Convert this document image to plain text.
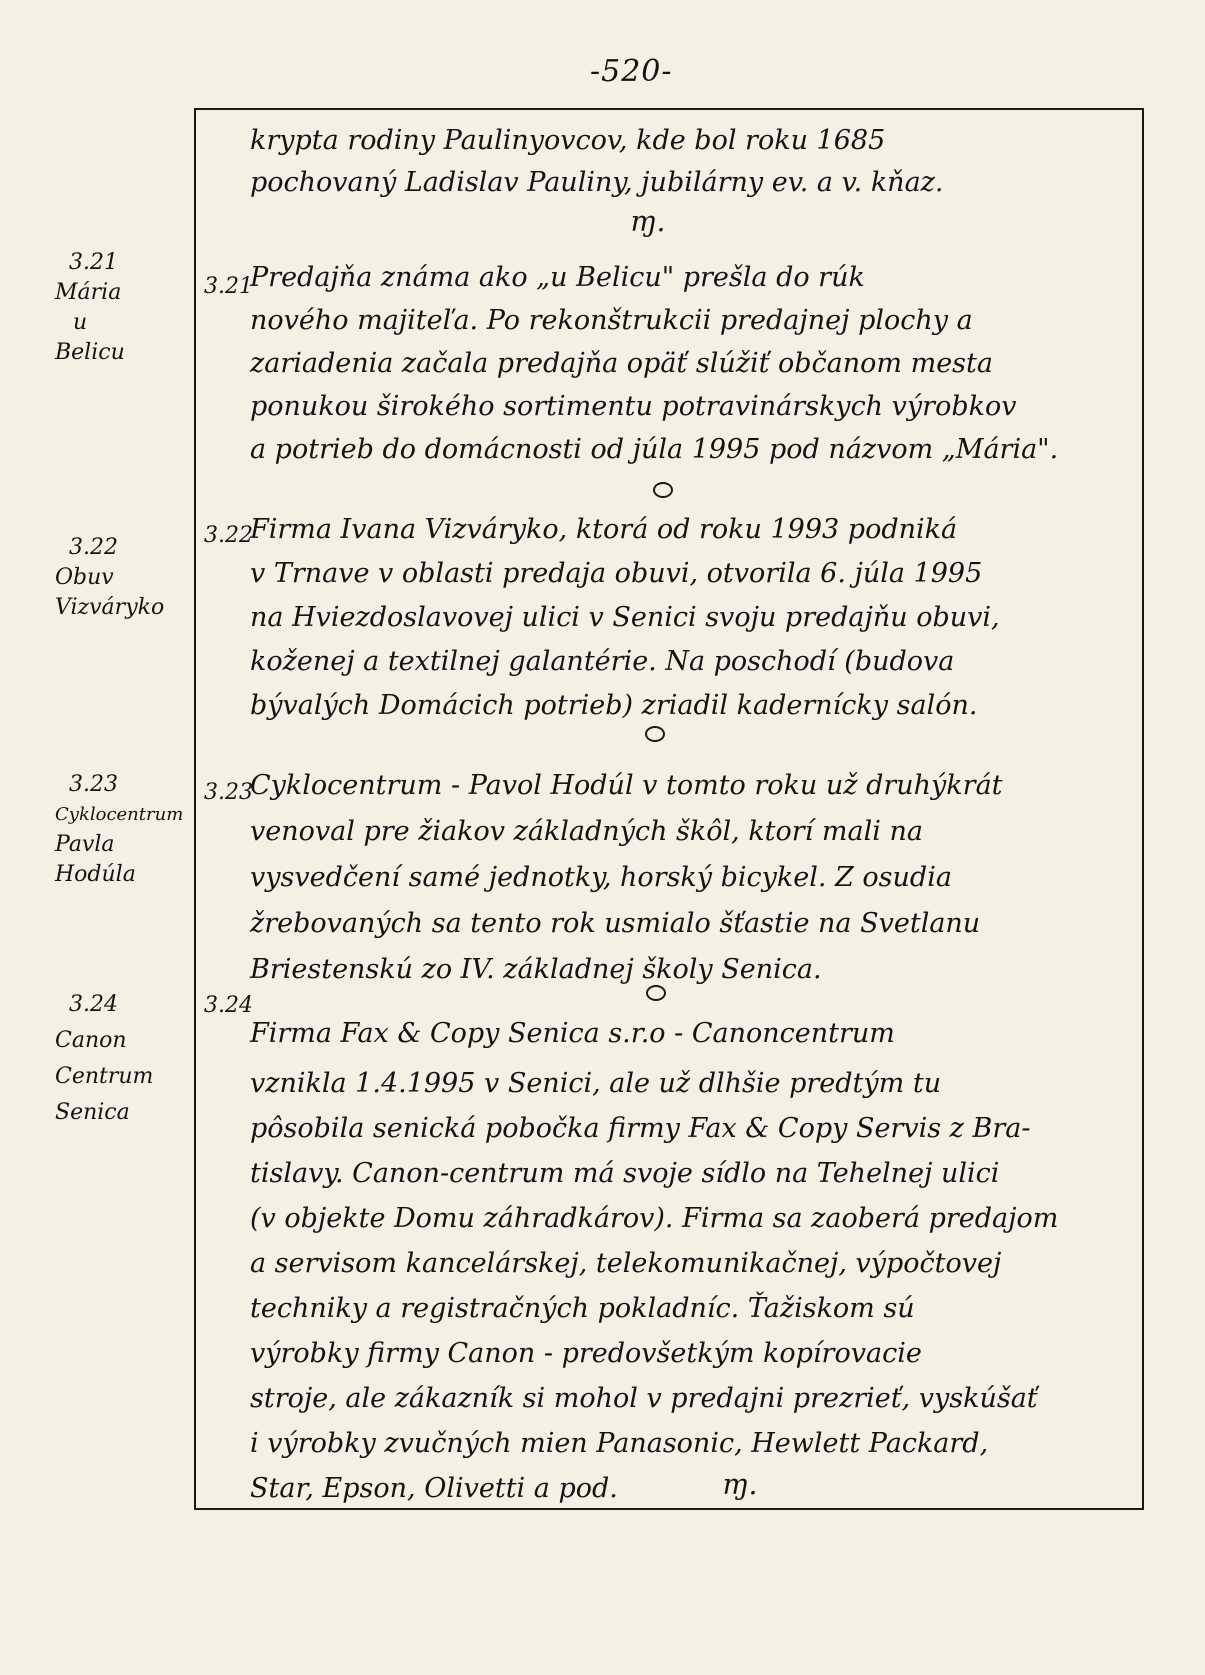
-520-
krypta rodiny Paulinyovcov, kde bol roku 1685
pochovaný Ladislav Pauliny, jubilárny ev. a v. kňaz.
ɱ.
3.21
Mária
u
Belicu
3.21
Predajňa známa ako „u Belicu" prešla do rúk
nového majiteľa. Po rekonštrukcii predajnej plochy a
zariadenia začala predajňa opäť slúžiť občanom mesta
ponukou širokého sortimentu potravinárskych výrobkov
a potrieb do domácnosti od júla 1995 pod názvom „Mária".
3.22
Obuv
Vizváryko
3.22
Firma Ivana Vizváryko, ktorá od roku 1993 podniká
v Trnave v oblasti predaja obuvi, otvorila 6. júla 1995
na Hviezdoslavovej ulici v Senici svoju predajňu obuvi,
koženej a textilnej galantérie. Na poschodí (budova
bývalých Domácich potrieb) zriadil kadernícky salón.
3.23
Cyklocentrum
Pavla
Hodúla
3.23
Cyklocentrum - Pavol Hodúl v tomto roku už druhýkrát
venoval pre žiakov základných škôl, ktorí mali na
vysvedčení samé jednotky, horský bicykel. Z osudia
žrebovaných sa tento rok usmialo šťastie na Svetlanu
Briestenskú zo IV. základnej školy Senica.
3.24
Canon
Centrum
Senica
3.24
Firma Fax & Copy Senica s.r.o - Canoncentrum
vznikla 1.4.1995 v Senici, ale už dlhšie predtým tu
pôsobila senická pobočka firmy Fax & Copy Servis z Bra-
tislavy. Canon-centrum má svoje sídlo na Tehelnej ulici
(v objekte Domu záhradkárov). Firma sa zaoberá predajom
a servisom kancelárskej, telekomunikačnej, výpočtovej
techniky a registračných pokladníc. Ťažiskom sú
výrobky firmy Canon - predovšetkým kopírovacie
stroje, ale zákazník si mohol v predajni prezrieť, vyskúšať
i výrobky zvučných mien Panasonic, Hewlett Packard,
Star, Epson, Olivetti a pod.	ɱ.
